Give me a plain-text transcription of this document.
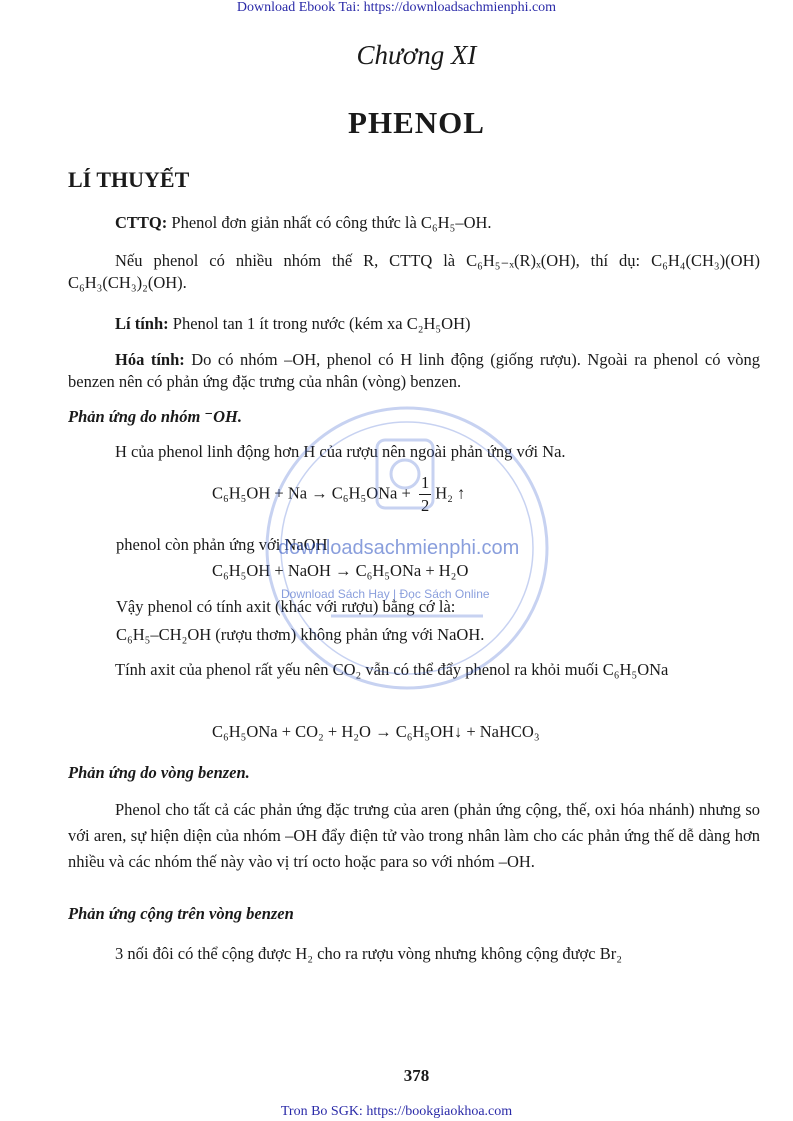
Download Ebook Tai: https://downloadsachmienphi.com
Chương XI
PHENOL
LÍ THUYẾT
CTTQ: Phenol đơn giản nhất có công thức là C₆H₅–OH.
Nếu phenol có nhiều nhóm thế R, CTTQ là C₆H₅₋ₓ(R)ₓ(OH), thí dụ: C₆H₄(CH₃)(OH) C₆H₃(CH₃)₂(OH).
Lí tính: Phenol tan 1 ít trong nước (kém xa C₂H₅OH)
Hóa tính: Do có nhóm –OH, phenol có H linh động (giống rượu). Ngoài ra phenol có vòng benzen nên có phản ứng đặc trưng của nhân (vòng) benzen.
Phản ứng do nhóm ⁻OH.
H của phenol linh động hơn H của rượu nên ngoài phản ứng với Na.
$C_6H_5OH + Na \to C_6H_5ONa + \frac{1}{2} H_2$ ↑
phenol còn phản ứng với NaOH
C₆H₅OH + NaOH → C₆H₅ONa + H₂O
Vậy phenol có tính axit (khác với rượu) bằng cớ là:
C₆H₅–CH₂OH (rượu thơm) không phản ứng với NaOH.
Tính axit của phenol rất yếu nên CO₂ vẫn có thể đẩy phenol ra khỏi muối C₆H₅ONa
C₆H₅ONa + CO₂ + H₂O → C₆H₅OH↓ + NaHCO₃
Phản ứng do vòng benzen.
Phenol cho tất cả các phản ứng đặc trưng của aren (phản ứng cộng, thế, oxi hóa nhánh) nhưng so với aren, sự hiện diện của nhóm –OH đẩy điện tử vào trong nhân làm cho các phản ứng thế dễ dàng hơn nhiều và các nhóm thế này vào vị trí octo hoặc para so với nhóm –OH.
Phản ứng cộng trên vòng benzen
3 nối đôi có thể cộng được H₂ cho ra rượu vòng nhưng không cộng được Br₂
378
Tron Bo SGK: https://bookgiaokhoa.com
downloadsachmienphi.com
Download Sách Hay | Đọc Sách Online
